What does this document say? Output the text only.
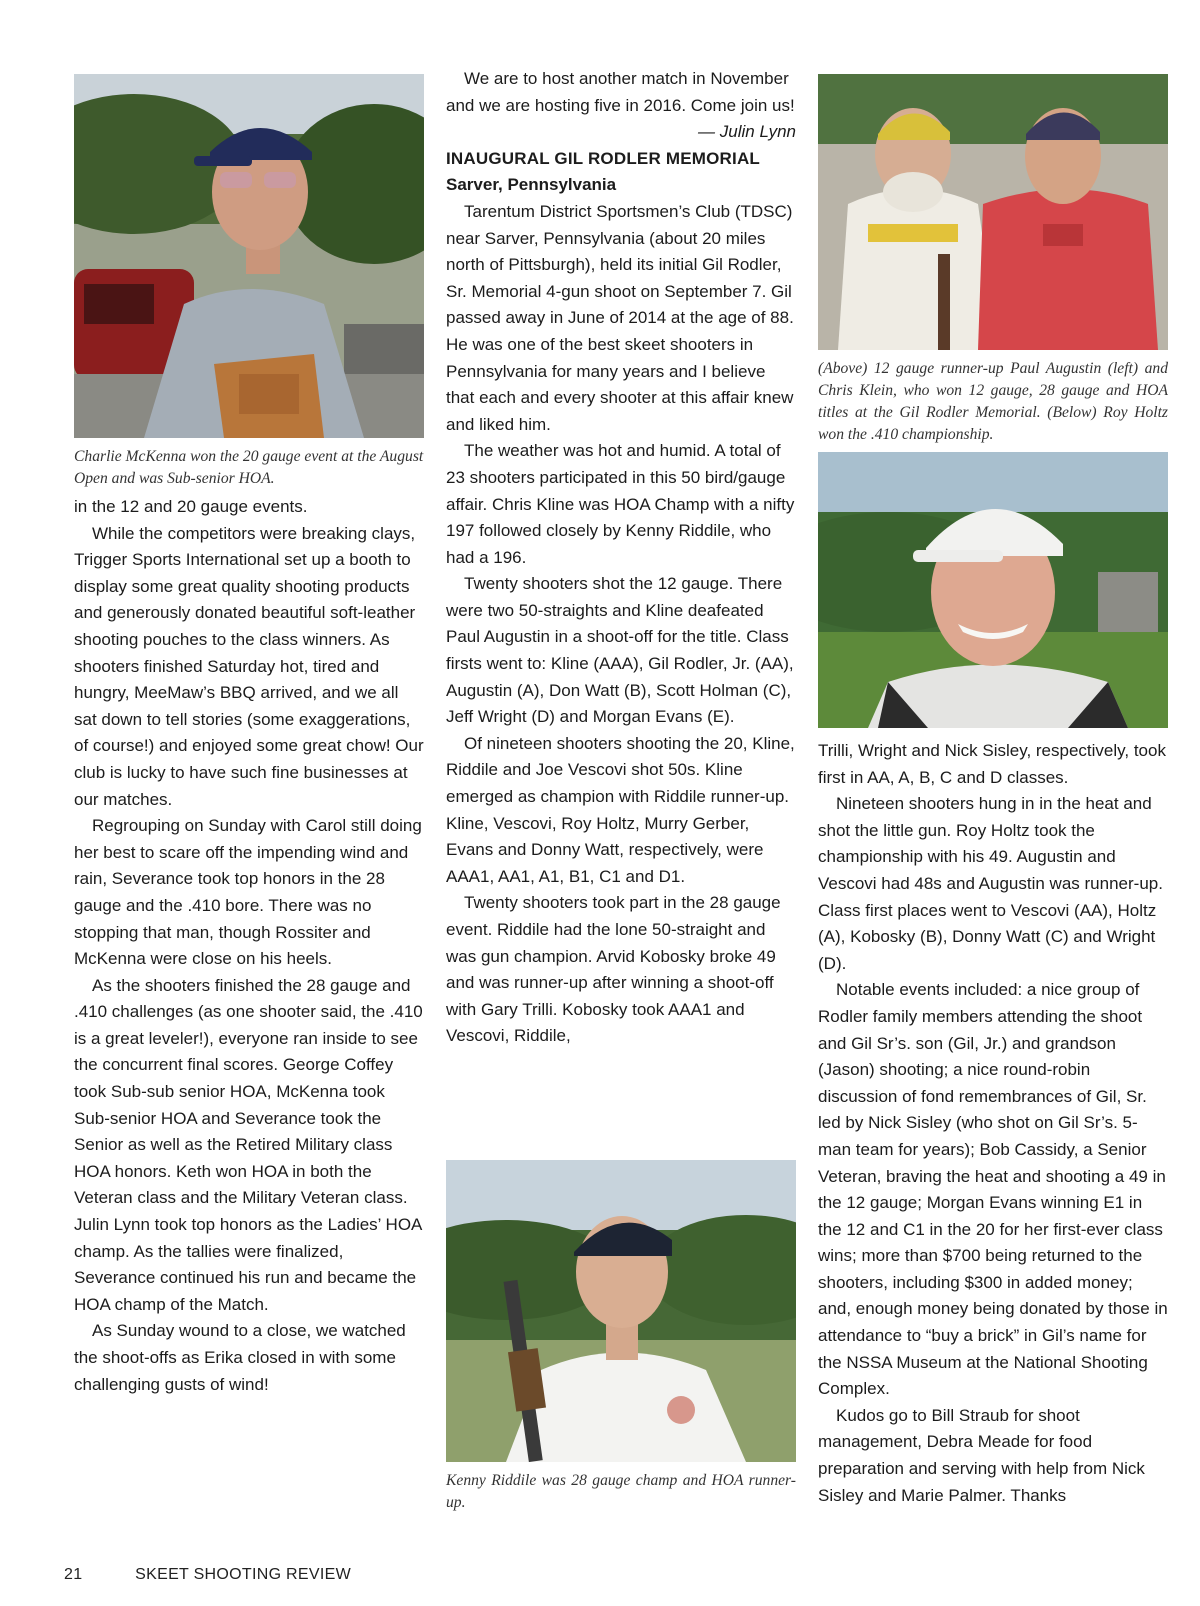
Charlie McKenna won the 20 gauge event at the August Open and was Sub-senior HOA.

in the 12 and 20 gauge events.

While the competitors were breaking clays, Trigger Sports International set up a booth to display some great quality shooting products and generously donated beautiful soft-leather shooting pouches to the class winners. As shooters finished Saturday hot, tired and hungry, MeeMaw’s BBQ arrived, and we all sat down to tell stories (some exaggerations, of course!) and enjoyed some great chow! Our club is lucky to have such fine businesses at our matches.

Regrouping on Sunday with Carol still doing her best to scare off the impending wind and rain, Severance took top honors in the 28 gauge and the .410 bore. There was no stopping that man, though Rossiter and McKenna were close on his heels.

As the shooters finished the 28 gauge and .410 challenges (as one shooter said, the .410 is a great leveler!), everyone ran inside to see the concurrent final scores. George Coffey took Sub-sub senior HOA, McKenna took Sub-senior HOA and Severance took the Senior as well as the Retired Military class HOA honors. Keth won HOA in both the Veteran class and the Military Veteran class. Julin Lynn took top honors as the Ladies’ HOA champ. As the tallies were finalized, Severance continued his run and became the HOA champ of the Match.

As Sunday wound to a close, we watched the shoot-offs as Erika closed in with some challenging gusts of wind!

We are to host another match in November and we are hosting five in 2016. Come join us!

— Julin Lynn

INAUGURAL GIL RODLER MEMORIAL

Sarver, Pennsylvania

Tarentum District Sportsmen’s Club (TDSC) near Sarver, Pennsylvania (about 20 miles north of Pittsburgh), held its initial Gil Rodler, Sr. Memorial 4-gun shoot on September 7. Gil passed away in June of 2014 at the age of 88. He was one of the best skeet shooters in Pennsylvania for many years and I believe that each and every shooter at this affair knew and liked him.

The weather was hot and humid. A total of 23 shooters participated in this 50 bird/gauge affair. Chris Kline was HOA Champ with a nifty 197 followed closely by Kenny Riddile, who had a 196.

Twenty shooters shot the 12 gauge. There were two 50-straights and Kline deafeated Paul Augustin in a shoot-off for the title. Class firsts went to: Kline (AAA), Gil Rodler, Jr. (AA), Augustin (A), Don Watt (B), Scott Holman (C), Jeff Wright (D) and Morgan Evans (E).

Of nineteen shooters shooting the 20, Kline, Riddile and Joe Vescovi shot 50s. Kline emerged as champion with Riddile runner-up. Kline, Vescovi, Roy Holtz, Murry Gerber, Evans and Donny Watt, respectively, were AAA1, AA1, A1, B1, C1 and D1.

Twenty shooters took part in the 28 gauge event. Riddile had the lone 50-straight and was gun champion. Arvid Kobosky broke 49 and was runner-up after winning a shoot-off with Gary Trilli. Kobosky took AAA1 and Vescovi, Riddile,

Kenny Riddile was 28 gauge champ and HOA runner-up.

(Above) 12 gauge runner-up Paul Augustin (left) and Chris Klein, who won 12 gauge, 28 gauge and HOA titles at the Gil Rodler Memorial. (Below) Roy Holtz won the .410 championship.

Trilli, Wright and Nick Sisley, respectively, took first in AA, A, B, C and D classes.

Nineteen shooters hung in in the heat and shot the little gun. Roy Holtz took the championship with his 49. Augustin and Vescovi had 48s and Augustin was runner-up. Class first places went to Vescovi (AA), Holtz (A), Kobosky (B), Donny Watt (C) and Wright (D).

Notable events included: a nice group of Rodler family members attending the shoot and Gil Sr’s. son (Gil, Jr.) and grandson (Jason) shooting; a nice round-robin discussion of fond remembrances of Gil, Sr. led by Nick Sisley (who shot on Gil Sr’s. 5-man team for years); Bob Cassidy, a Senior Veteran, braving the heat and shooting a 49 in the 12 gauge; Morgan Evans winning E1 in the 12 and C1 in the 20 for her first-ever class wins; more than $700 being returned to the shooters, including $300 in added money; and, enough money being donated by those in attendance to “buy a brick” in Gil’s name for the NSSA Museum at the National Shooting Complex.

Kudos go to Bill Straub for shoot management, Debra Meade for food preparation and serving with help from Nick Sisley and Marie Palmer. Thanks

21	SKEET SHOOTING REVIEW
